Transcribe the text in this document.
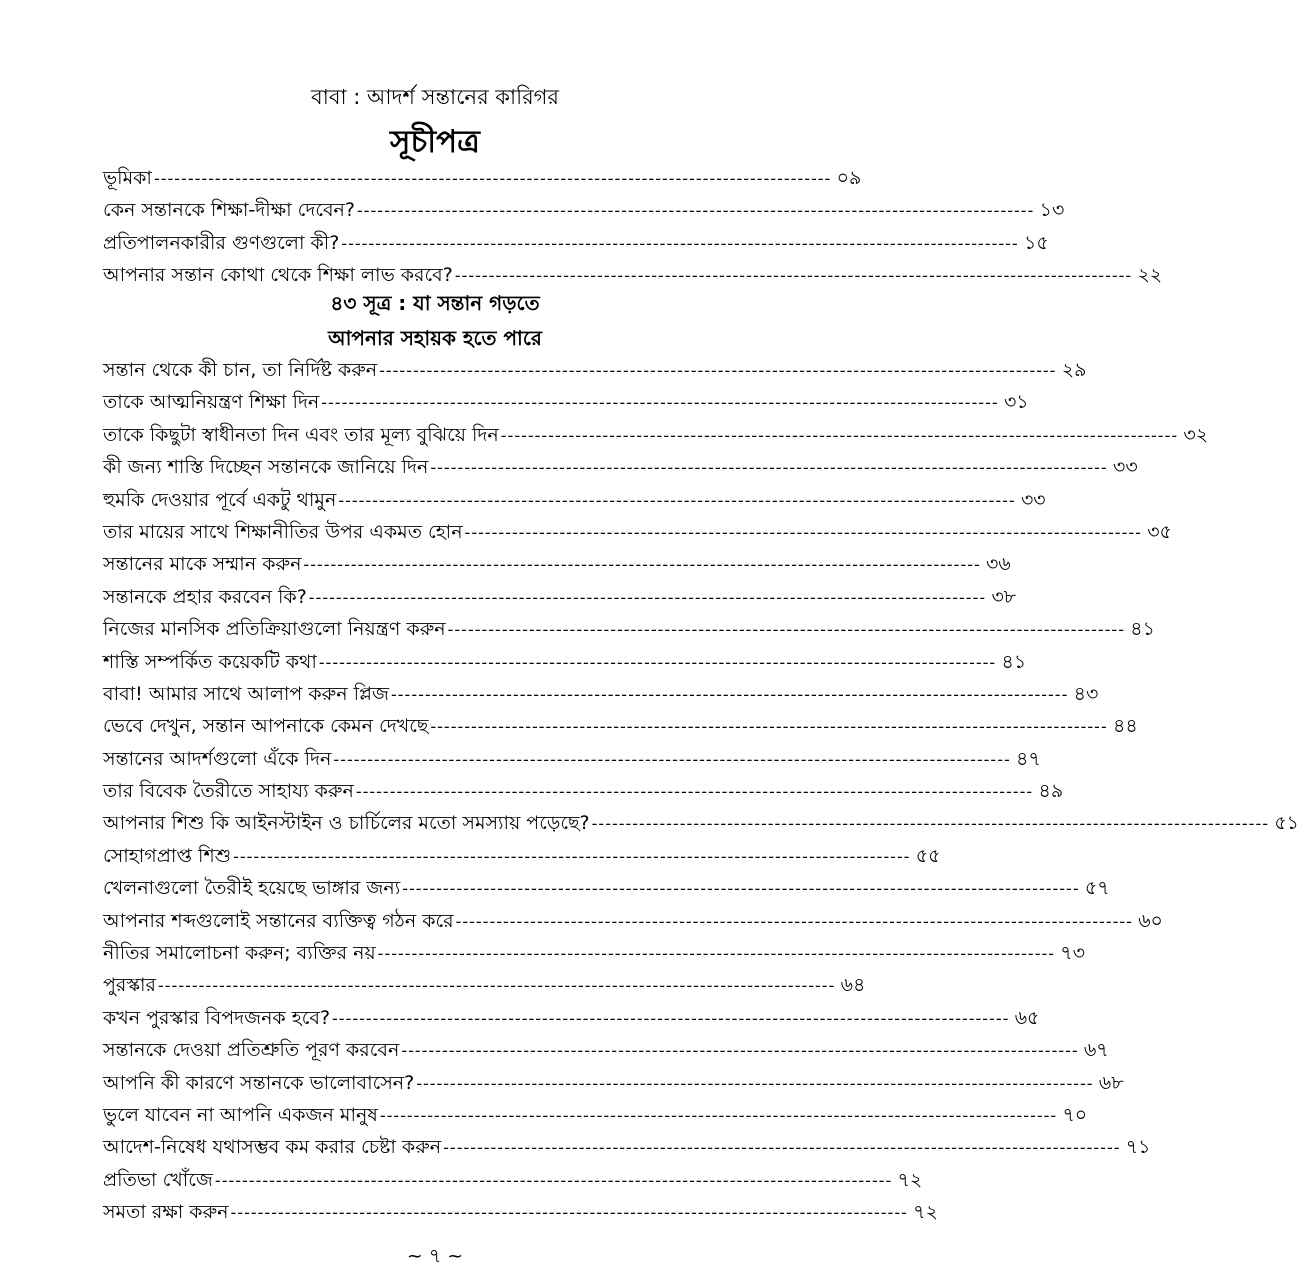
বাবা : আদর্শ সন্তানের কারিগর
সূচীপত্র
ভূমিকা ---------------------------------------------------------------------------------------------------- ০৯
কেন সন্তানকে শিক্ষা-দীক্ষা দেবেন? ---------------------------------------------------------------------------------------------------- ১৩
প্রতিপালনকারীর গুণগুলো কী? ---------------------------------------------------------------------------------------------------- ১৫
আপনার সন্তান কোথা থেকে শিক্ষা লাভ করবে? ---------------------------------------------------------------------------------------------------- ২২
৪৩ সূত্র : যা সন্তান গড়তে
আপনার সহায়ক হতে পারে
সন্তান থেকে কী চান, তা নির্দিষ্ট করুন ---------------------------------------------------------------------------------------------------- ২৯
তাকে আত্মনিয়ন্ত্রণ শিক্ষা দিন ---------------------------------------------------------------------------------------------------- ৩১
তাকে কিছুটা স্বাধীনতা দিন এবং তার মূল্য বুঝিয়ে দিন ---------------------------------------------------------------------------------------------------- ৩২
কী জন্য শাস্তি দিচ্ছেন সন্তানকে জানিয়ে দিন ---------------------------------------------------------------------------------------------------- ৩৩
হুমকি দেওয়ার পূর্বে একটু থামুন ---------------------------------------------------------------------------------------------------- ৩৩
তার মায়ের সাথে শিক্ষানীতির উপর একমত হোন ---------------------------------------------------------------------------------------------------- ৩৫
সন্তানের মাকে সম্মান করুন ---------------------------------------------------------------------------------------------------- ৩৬
সন্তানকে প্রহার করবেন কি? ---------------------------------------------------------------------------------------------------- ৩৮
নিজের মানসিক প্রতিক্রিয়াগুলো নিয়ন্ত্রণ করুন ---------------------------------------------------------------------------------------------------- ৪১
শাস্তি সম্পর্কিত কয়েকটি কথা ---------------------------------------------------------------------------------------------------- ৪১
বাবা! আমার সাথে আলাপ করুন প্লিজ ---------------------------------------------------------------------------------------------------- ৪৩
ভেবে দেখুন, সন্তান আপনাকে কেমন দেখছে ---------------------------------------------------------------------------------------------------- ৪৪
সন্তানের আদর্শগুলো এঁকে দিন ---------------------------------------------------------------------------------------------------- ৪৭
তার বিবেক তৈরীতে সাহায্য করুন ---------------------------------------------------------------------------------------------------- ৪৯
আপনার শিশু কি আইনস্টাইন ও চার্চিলের মতো সমস্যায় পড়েছে? ---------------------------------------------------------------------------------------------------- ৫১
সোহাগপ্রাপ্ত শিশু ---------------------------------------------------------------------------------------------------- ৫৫
খেলনাগুলো তৈরীই হয়েছে ভাঙ্গার জন্য ---------------------------------------------------------------------------------------------------- ৫৭
আপনার শব্দগুলোই সন্তানের ব্যক্তিত্ব গঠন করে ---------------------------------------------------------------------------------------------------- ৬০
নীতির সমালোচনা করুন; ব্যক্তির নয় ---------------------------------------------------------------------------------------------------- ৭৩
পুরস্কার ---------------------------------------------------------------------------------------------------- ৬৪
কখন পুরস্কার বিপদজনক হবে? ---------------------------------------------------------------------------------------------------- ৬৫
সন্তানকে দেওয়া প্রতিশ্রুতি পূরণ করবেন ---------------------------------------------------------------------------------------------------- ৬৭
আপনি কী কারণে সন্তানকে ভালোবাসেন? ---------------------------------------------------------------------------------------------------- ৬৮
ভুলে যাবেন না আপনি একজন মানুষ ---------------------------------------------------------------------------------------------------- ৭০
আদেশ-নিষেধ যথাসম্ভব কম করার চেষ্টা করুন ---------------------------------------------------------------------------------------------------- ৭১
প্রতিভা খোঁজে ---------------------------------------------------------------------------------------------------- ৭২
সমতা রক্ষা করুন ---------------------------------------------------------------------------------------------------- ৭২
~ ৭ ~
